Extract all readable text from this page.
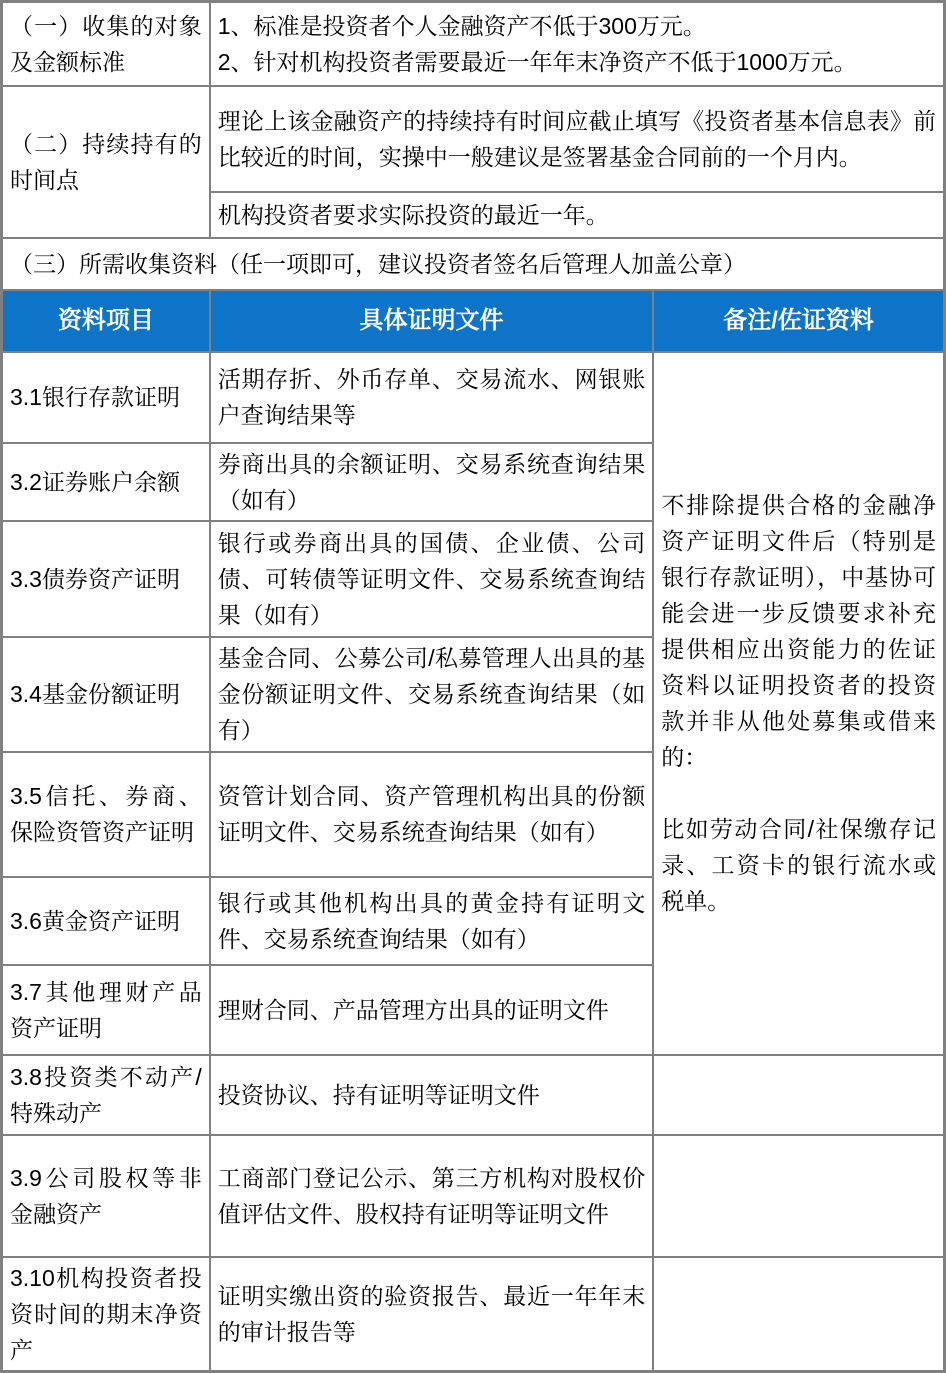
（一）收集的对象及金额标准	1、标准是投资者个人金融资产不低于300万元。
2、针对机构投资者需要最近一年年末净资产不低于1000万元。	

（二）持续持有的时间点	理论上该金融资产的持续持有时间应截止填写《投资者基本信息表》前比较近的时间，实操中一般建议是签署基金合同前的一个月内。	
	机构投资者要求实际投资的最近一年。	
（三）所需收集资料（任一项即可，建议投资者签名后管理人加盖公章）		
资料项目	具体证明文件	备注/佐证资料
3.1银行存款证明	活期存折、外币存单、交易流水、网银账户查询结果等	不排除提供合格的金融净资产证明文件后（特别是银行存款证明），中基协可能会进一步反馈要求补充提供相应出资能力的佐证资料以证明投资者的投资款并非从他处募集或借来的：
比如劳动合同/社保缴存记录、工资卡的银行流水或税单。

3.2证券账户余额	券商出具的余额证明、交易系统查询结果（如有）	
3.3债券资产证明	银行或券商出具的国债、企业债、公司债、可转债等证明文件、交易系统查询结果（如有）	
3.4基金份额证明	基金合同、公募公司/私募管理人出具的基金份额证明文件、交易系统查询结果（如有）	
3.5信托、券商、保险资管资产证明	资管计划合同、资产管理机构出具的份额证明文件、交易系统查询结果（如有）	
3.6黄金资产证明	银行或其他机构出具的黄金持有证明文件、交易系统查询结果（如有）	
3.7其他理财产品资产证明	理财合同、产品管理方出具的证明文件	
3.8投资类不动产/特殊动产	投资协议、持有证明等证明文件	
3.9公司股权等非金融资产	工商部门登记公示、第三方机构对股权价值评估文件、股权持有证明等证明文件	
3.10机构投资者投资时间的期末净资产	证明实缴出资的验资报告、最近一年年末的审计报告等	
